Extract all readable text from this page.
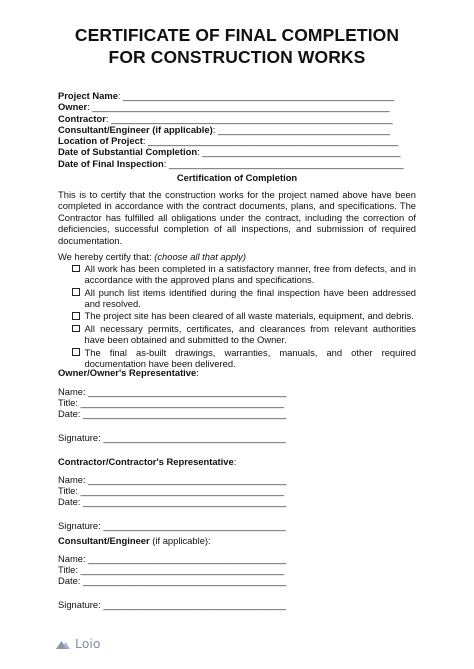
CERTIFICATE OF FINAL COMPLETION
FOR CONSTRUCTION WORKS
Project Name: ____________________________________________________
Owner: _________________________________________________________
Contractor: ______________________________________________________
Consultant/Engineer (if applicable): _________________________________
Location of Project: ________________________________________________
Date of Substantial Completion: ______________________________________
Date of Final Inspection: _____________________________________________
Certification of Completion
This is to certify that the construction works for the project named above have been completed in accordance with the contract documents, plans, and specifications. The Contractor has fulfilled all obligations under the contract, including the correction of deficiencies, successful completion of all inspections, and submission of required documentation.
We hereby certify that: (choose all that apply)
All work has been completed in a satisfactory manner, free from defects, and in accordance with the approved plans and specifications.
All punch list items identified during the final inspection have been addressed and resolved.
The project site has been cleared of all waste materials, equipment, and debris.
All necessary permits, certificates, and clearances from relevant authorities have been obtained and submitted to the Owner.
The final as-built drawings, warranties, manuals, and other required documentation have been delivered.
Owner/Owner's Representative:
Name: ______________________________________
Title: _______________________________________
Date: _______________________________________
Signature: ___________________________________
Contractor/Contractor's Representative:
Name: ______________________________________
Title: _______________________________________
Date: _______________________________________
Signature: ___________________________________
Consultant/Engineer (if applicable):
Name: ______________________________________
Title: _______________________________________
Date: _______________________________________
Signature: ___________________________________
Loio
